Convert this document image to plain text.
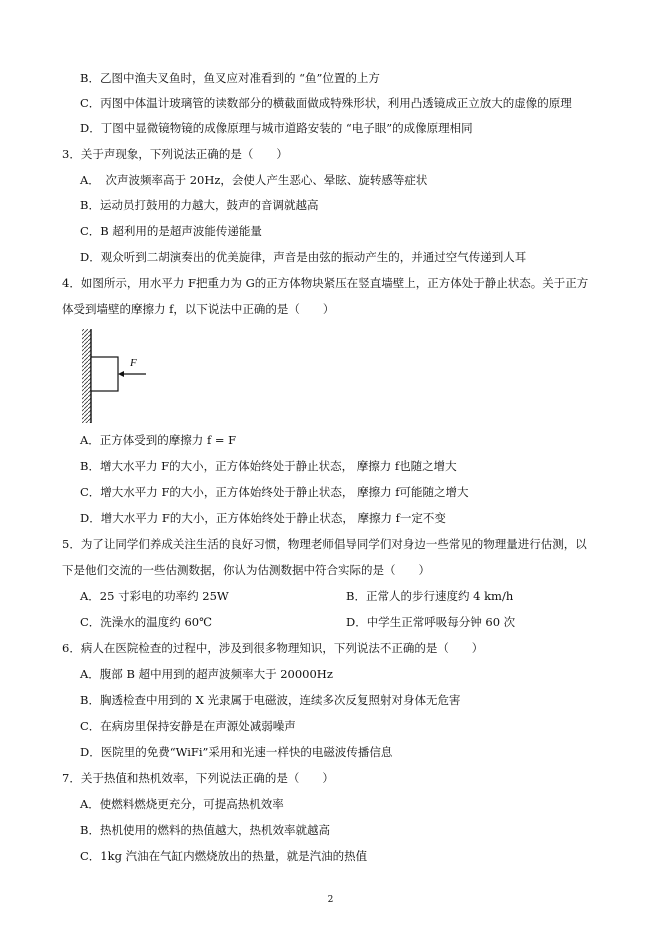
B．乙图中渔夫叉鱼时，鱼叉应对准看到的 “鱼”位置的上方
C．丙图中体温计玻璃管的读数部分的横截面做成特殊形状，利用凸透镜成正立放大的虚像的原理
D．丁图中显微镜物镜的成像原理与城市道路安装的 “电子眼”的成像原理相同
3．关于声现象，下列说法正确的是（　　）
A．　次声波频率高于 20Hz，会使人产生恶心、晕眩、旋转感等症状
B．运动员打鼓用的力越大，鼓声的音调就越高
C．B 超利用的是超声波能传递能量
D．观众听到二胡演奏出的优美旋律，声音是由弦的振动产生的，并通过空气传递到人耳
4．如图所示，用水平力 F把重力为 G的正方体物块紧压在竖直墙壁上，正方体处于静止状态。关于正方
体受到墙壁的摩擦力 f，以下说法中正确的是（　　）
F
A．正方体受到的摩擦力 f = F
B．增大水平力 F的大小，正方体始终处于静止状态， 摩擦力 f也随之增大
C．增大水平力 F的大小，正方体始终处于静止状态， 摩擦力 f可能随之增大
D．增大水平力 F的大小，正方体始终处于静止状态， 摩擦力 f一定不变
5．为了让同学们养成关注生活的良好习惯，物理老师倡导同学们对身边一些常见的物理量进行估测，以
下是他们交流的一些估测数据，你认为估测数据中符合实际的是（　　）
A．25 寸彩电的功率约 25W	B．正常人的步行速度约 4 km/h
C．洗澡水的温度约 60℃	D．中学生正常呼吸每分钟 60 次
6．病人在医院检查的过程中，涉及到很多物理知识，下列说法不正确的是（　　）
A．腹部 B 超中用到的超声波频率大于 20000Hz
B．胸透检查中用到的 X 光隶属于电磁波，连续多次反复照射对身体无危害
C．在病房里保持安静是在声源处减弱噪声
D．医院里的免费“WiFi”采用和光速一样快的电磁波传播信息
7．关于热值和热机效率，下列说法正确的是（　　）
A．使燃料燃烧更充分，可提高热机效率
B．热机使用的燃料的热值越大，热机效率就越高
C．1kg 汽油在气缸内燃烧放出的热量，就是汽油的热值
2
